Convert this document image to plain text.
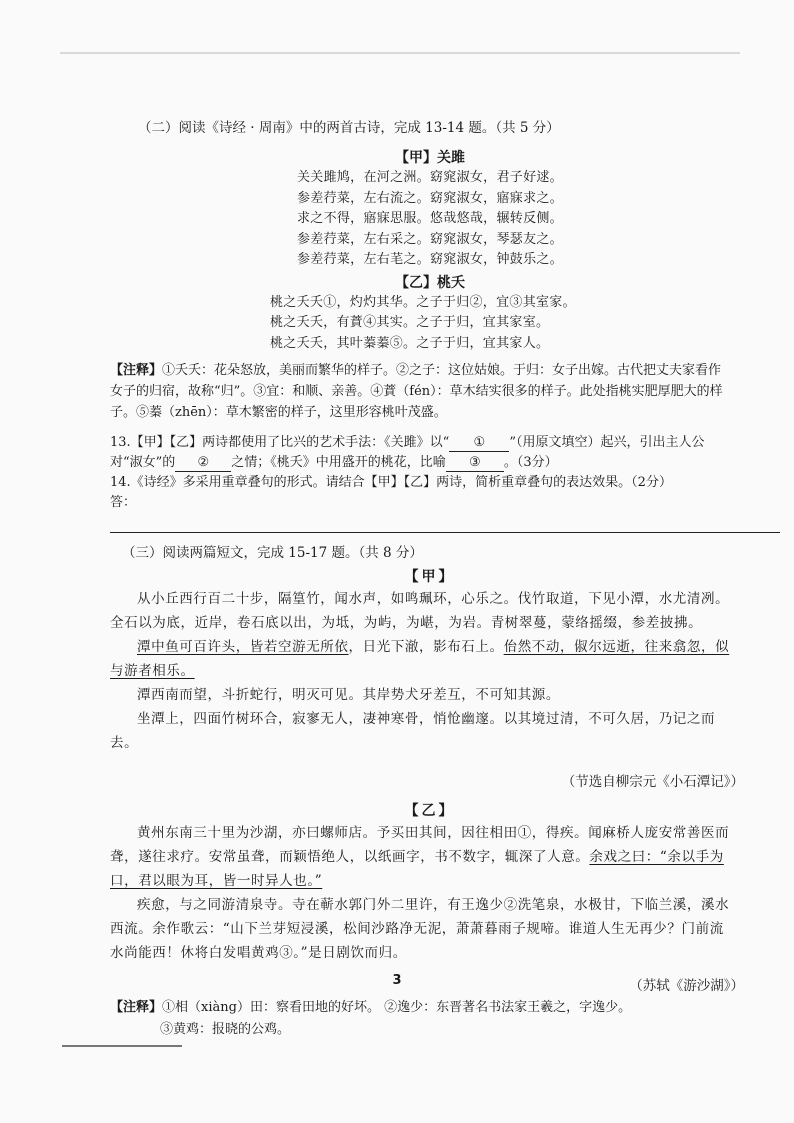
（二）阅读《诗经 · 周南》中的两首古诗，完成 13-14 题。（共 5 分）

【甲】关雎

关关雎鸠，在河之洲。窈窕淑女，君子好逑。

参差荇菜，左右流之。窈窕淑女，寤寐求之。

求之不得，寤寐思服。悠哉悠哉，辗转反侧。

参差荇菜，左右采之。窈窕淑女，琴瑟友之。

参差荇菜，左右芼之。窈窕淑女，钟鼓乐之。

【乙】桃夭

桃之夭夭①，灼灼其华。之子于归②，宜③其室家。

桃之夭夭，有蕡④其实。之子于归，宜其家室。

桃之夭夭，其叶蓁蓁⑤。之子于归，宜其家人。

【注释】①夭夭：花朵怒放，美丽而繁华的样子。②之子：这位姑娘。于归：女子出嫁。古代把丈夫家看作女子的归宿，故称“归”。③宜：和顺、亲善。④蕡（fén）：草木结实很多的样子。此处指桃实肥厚肥大的样子。⑤蓁（zhēn）：草木繁密的样子，这里形容桃叶茂盛。

13.【甲】【乙】两诗都使用了比兴的艺术手法：《关雎》以“ ① ”（用原文填空）起兴，引出主人公对“淑女”的 ② 之情；《桃夭》中用盛开的桃花，比喻 ③ 。（3分）

14.《诗经》多采用重章叠句的形式。请结合【甲】【乙】两诗，简析重章叠句的表达效果。（2分）

答：

（三）阅读两篇短文，完成 15-17 题。（共 8 分）

【甲】

从小丘西行百二十步，隔篁竹，闻水声，如鸣珮环，心乐之。伐竹取道，下见小潭，水尤清冽。全石以为底，近岸，卷石底以出，为坻，为屿，为嵁，为岩。青树翠蔓，蒙络摇缀，参差披拂。

潭中鱼可百许头，皆若空游无所依，日光下澈，影布石上。佁然不动，俶尔远逝，往来翕忽，似与游者相乐。

潭西南而望，斗折蛇行，明灭可见。其岸势犬牙差互，不可知其源。

坐潭上，四面竹树环合，寂寥无人，凄神寒骨，悄怆幽邃。以其境过清，不可久居，乃记之而去。

（节选自柳宗元《小石潭记》）

【乙】

黄州东南三十里为沙湖，亦曰螺师店。予买田其间，因往相田①，得疾。闻麻桥人庞安常善医而聋，遂往求疗。安常虽聋，而颖悟绝人，以纸画字，书不数字，辄深了人意。余戏之曰：“余以手为口，君以眼为耳，皆一时异人也。”

疾愈，与之同游清泉寺。寺在蕲水郭门外二里许，有王逸少②洗笔泉，水极甘，下临兰溪，溪水西流。余作歌云：“山下兰芽短浸溪，松间沙路净无泥，萧萧暮雨子规啼。谁道人生无再少？门前流水尚能西！休将白发唱黄鸡③。”是日剧饮而归。

（苏轼《游沙湖》）

【注释】①相（xiàng）田：察看田地的好坏。 ②逸少：东晋著名书法家王羲之，字逸少。

③黄鸡：报晓的公鸡。

3
